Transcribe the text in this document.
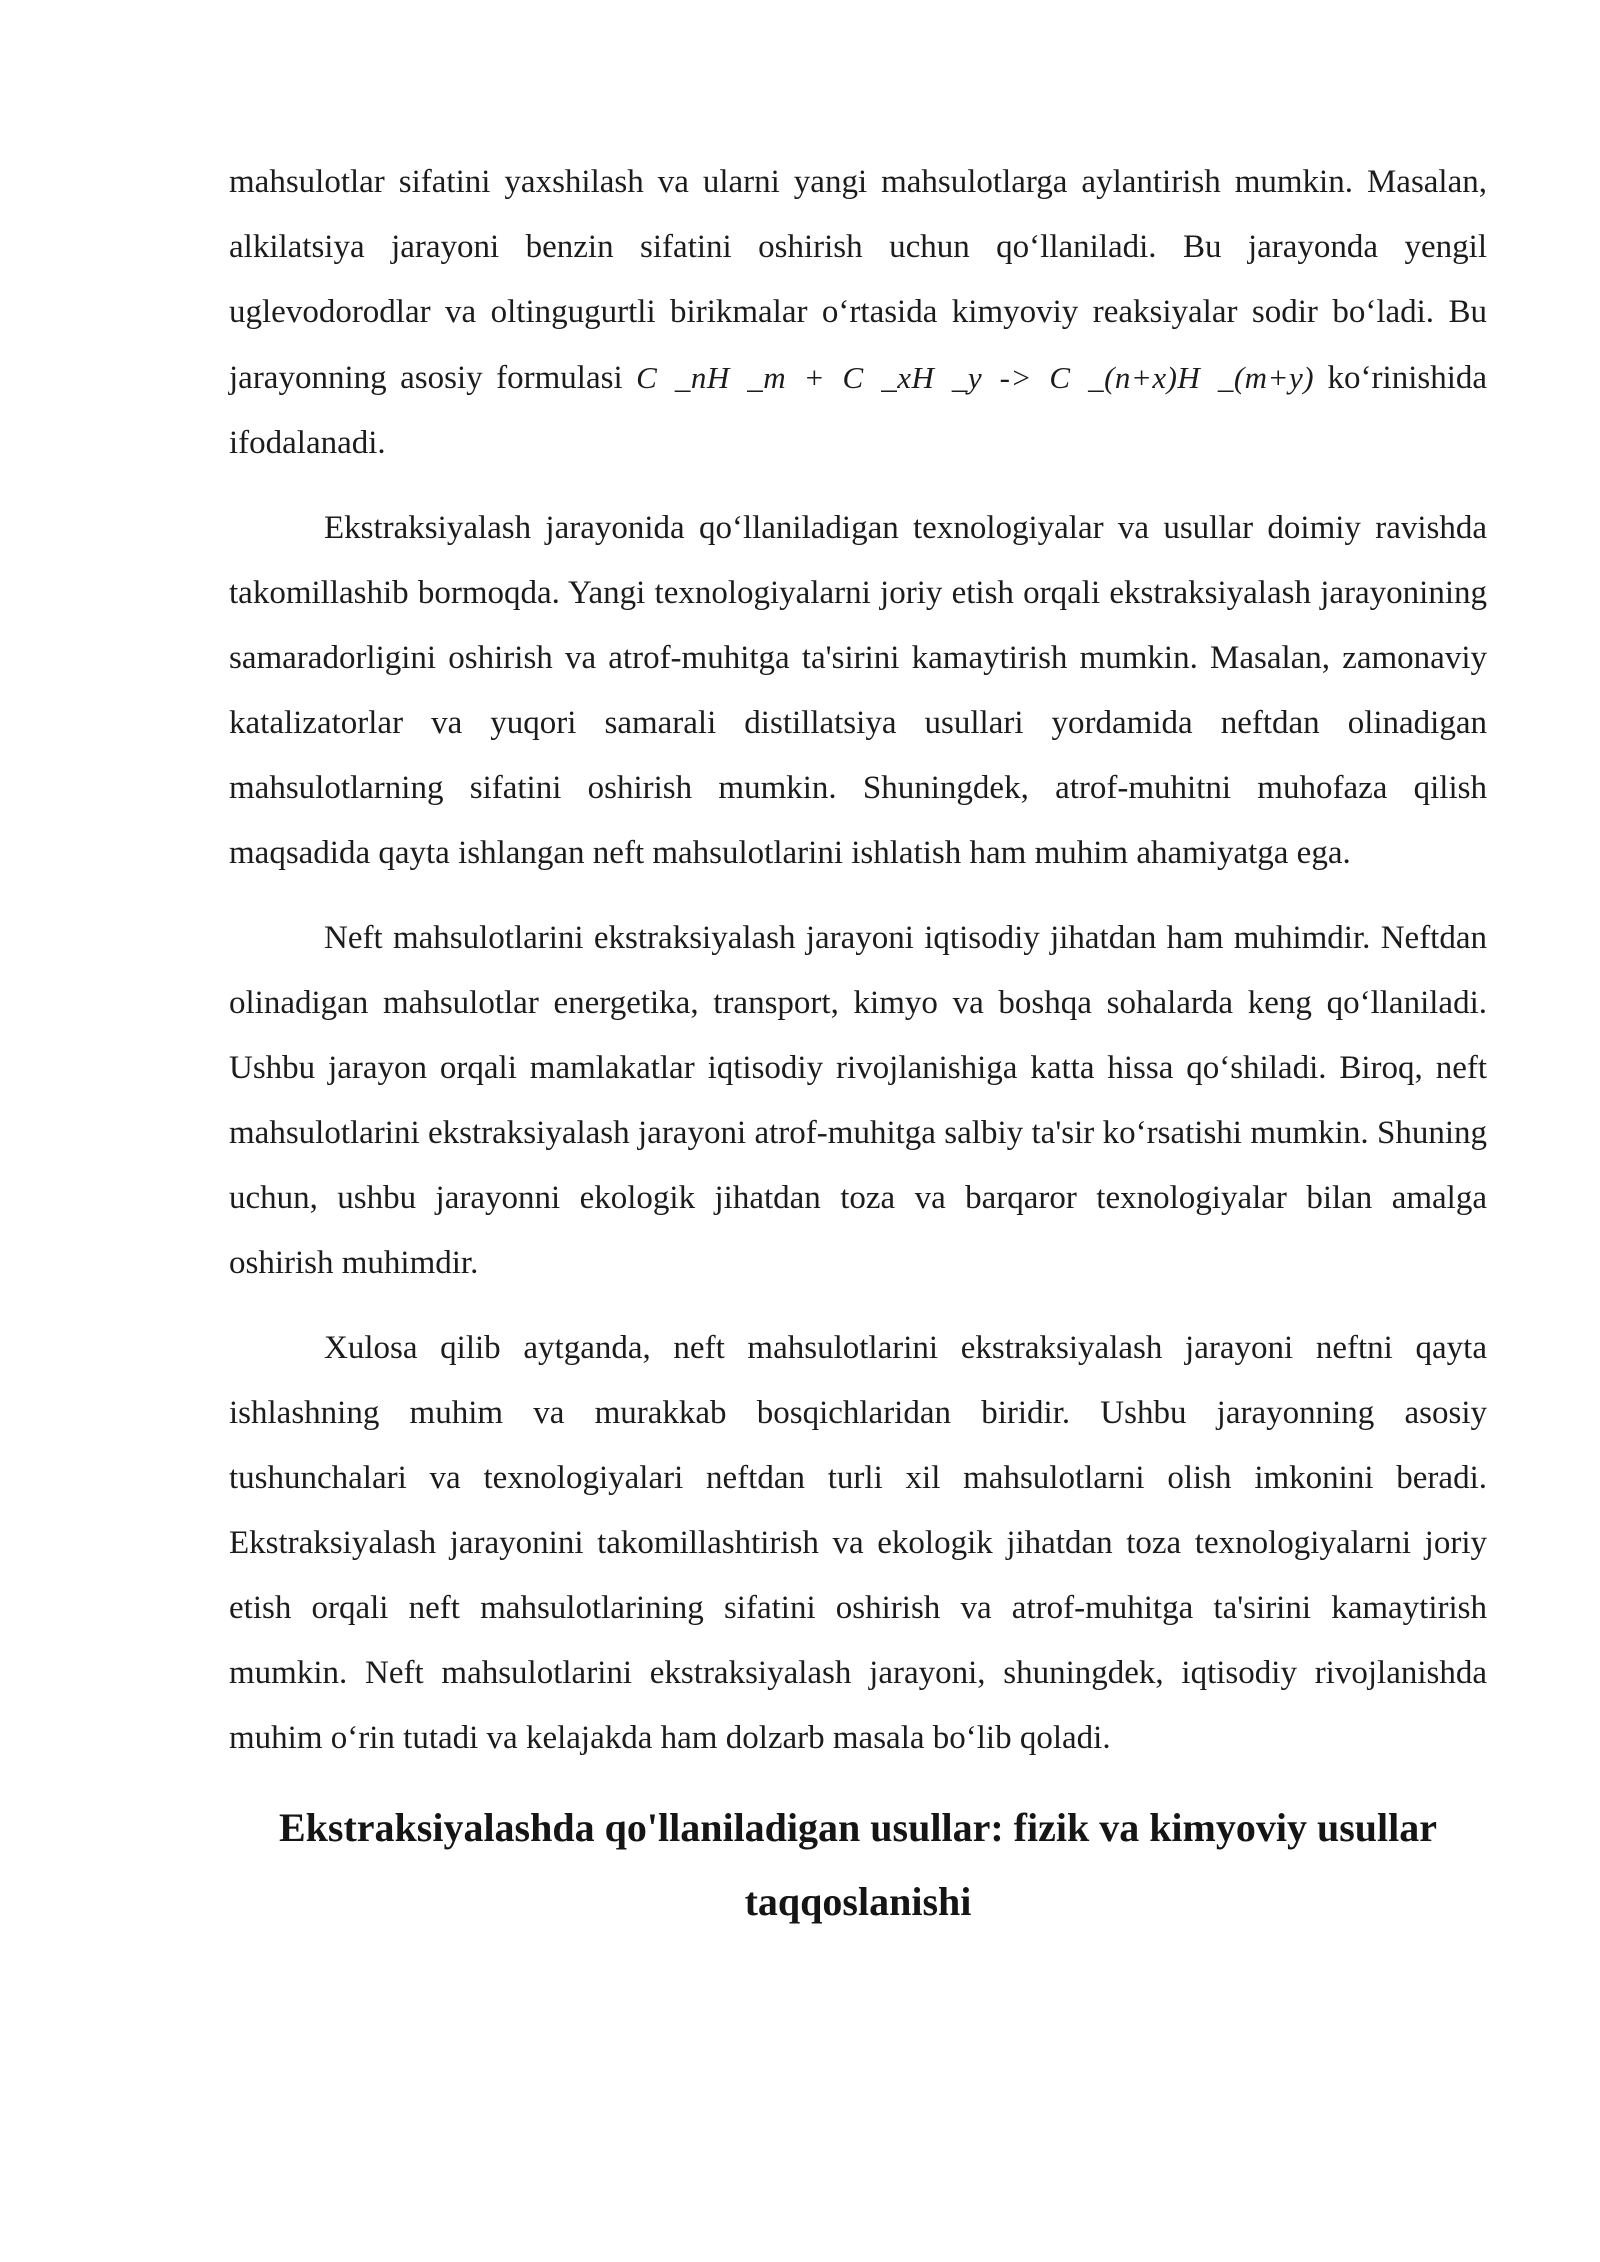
mahsulotlar sifatini yaxshilash va ularni yangi mahsulotlarga aylantirish mumkin. Masalan, alkilatsiya jarayoni benzin sifatini oshirish uchun qo‘llaniladi. Bu jarayonda yengil uglevodorodlar va oltingugurtli birikmalar o‘rtasida kimyoviy reaksiyalar sodir bo‘ladi. Bu jarayonning asosiy formulasi C _nH _m + C _xH _y -> C _(n+x)H _(m+y) ko‘rinishida ifodalanadi.

Ekstraksiyalash jarayonida qo‘llaniladigan texnologiyalar va usullar doimiy ravishda takomillashib bormoqda. Yangi texnologiyalarni joriy etish orqali ekstraksiyalash jarayonining samaradorligini oshirish va atrof-muhitga ta'sirini kamaytirish mumkin. Masalan, zamonaviy katalizatorlar va yuqori samarali distillatsiya usullari yordamida neftdan olinadigan mahsulotlarning sifatini oshirish mumkin. Shuningdek, atrof-muhitni muhofaza qilish maqsadida qayta ishlangan neft mahsulotlarini ishlatish ham muhim ahamiyatga ega.

Neft mahsulotlarini ekstraksiyalash jarayoni iqtisodiy jihatdan ham muhimdir. Neftdan olinadigan mahsulotlar energetika, transport, kimyo va boshqa sohalarda keng qo‘llaniladi. Ushbu jarayon orqali mamlakatlar iqtisodiy rivojlanishiga katta hissa qo‘shiladi. Biroq, neft mahsulotlarini ekstraksiyalash jarayoni atrof-muhitga salbiy ta'sir ko‘rsatishi mumkin. Shuning uchun, ushbu jarayonni ekologik jihatdan toza va barqaror texnologiyalar bilan amalga oshirish muhimdir.

Xulosa qilib aytganda, neft mahsulotlarini ekstraksiyalash jarayoni neftni qayta ishlashning muhim va murakkab bosqichlaridan biridir. Ushbu jarayonning asosiy tushunchalari va texnologiyalari neftdan turli xil mahsulotlarni olish imkonini beradi. Ekstraksiyalash jarayonini takomillashtirish va ekologik jihatdan toza texnologiyalarni joriy etish orqali neft mahsulotlarining sifatini oshirish va atrof-muhitga ta'sirini kamaytirish mumkin. Neft mahsulotlarini ekstraksiyalash jarayoni, shuningdek, iqtisodiy rivojlanishda muhim o‘rin tutadi va kelajakda ham dolzarb masala bo‘lib qoladi.

Ekstraksiyalashda qo'llaniladigan usullar: fizik va kimyoviy usullar
taqqoslanishi
